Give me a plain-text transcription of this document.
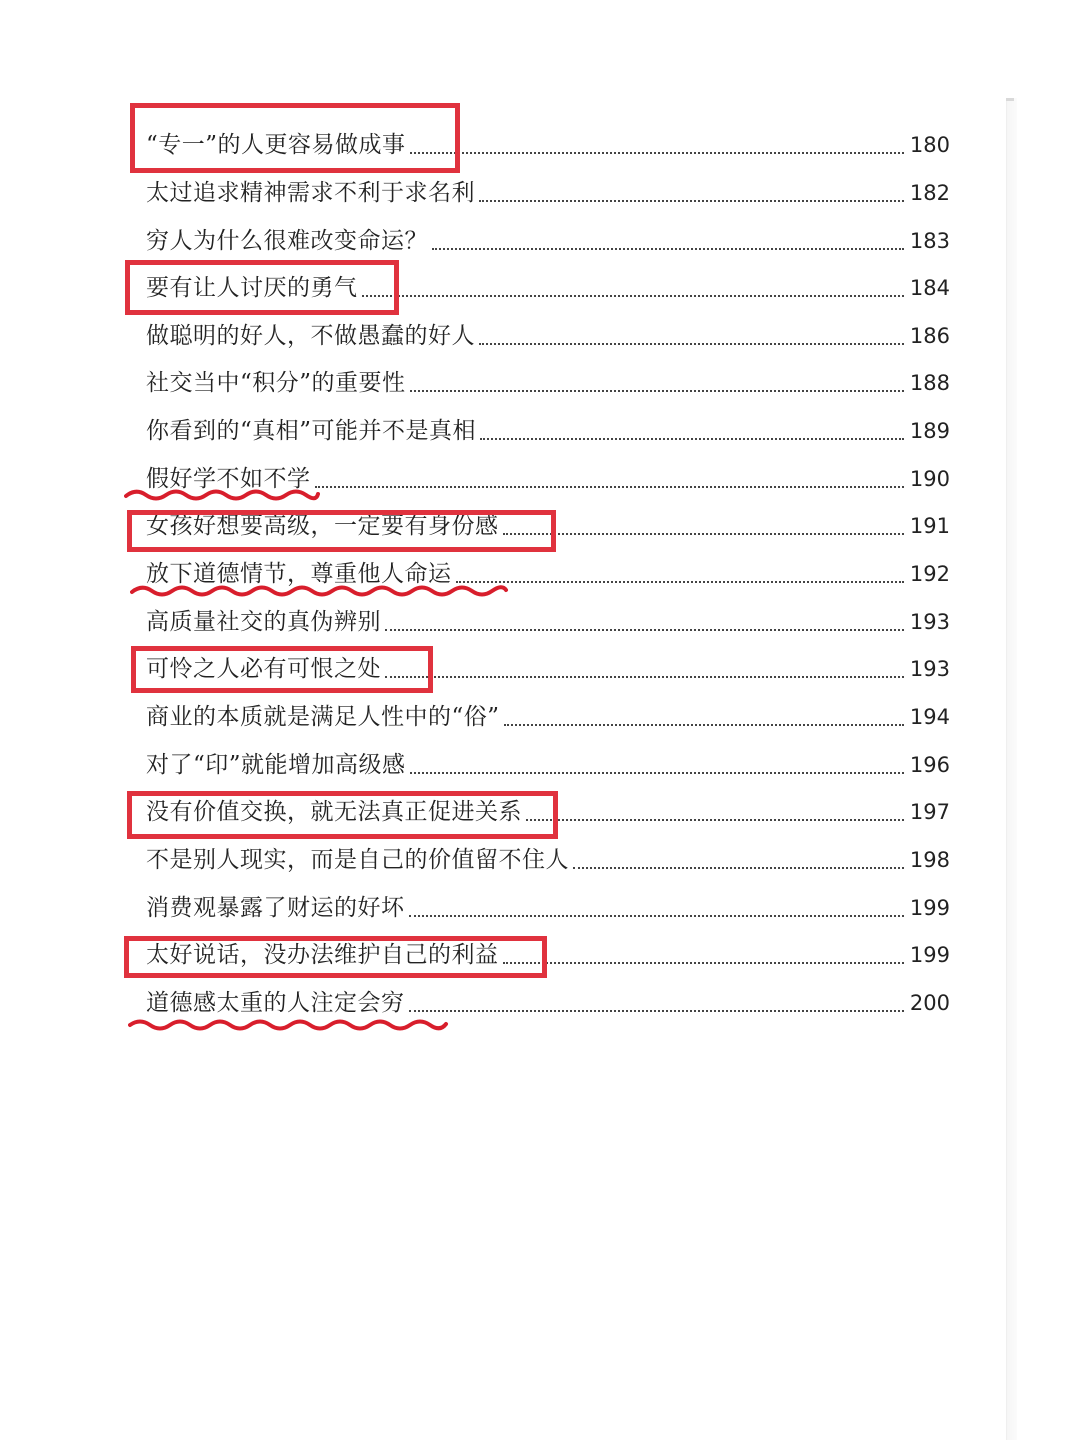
“专一”的人更容易做成事	180
太过追求精神需求不利于求名利	182
穷人为什么很难改变命运？	183
要有让人讨厌的勇气	184
做聪明的好人，不做愚蠢的好人	186
社交当中“积分”的重要性	188
你看到的“真相”可能并不是真相	189
假好学不如不学	190
女孩好想要高级，一定要有身份感	191
放下道德情节，尊重他人命运	192
高质量社交的真伪辨别	193
可怜之人必有可恨之处	193
商业的本质就是满足人性中的“俗”	194
对了“印”就能增加高级感	196
没有价值交换，就无法真正促进关系	197
不是别人现实，而是自己的价值留不住人	198
消费观暴露了财运的好坏	199
太好说话，没办法维护自己的利益	199
道德感太重的人注定会穷	200
